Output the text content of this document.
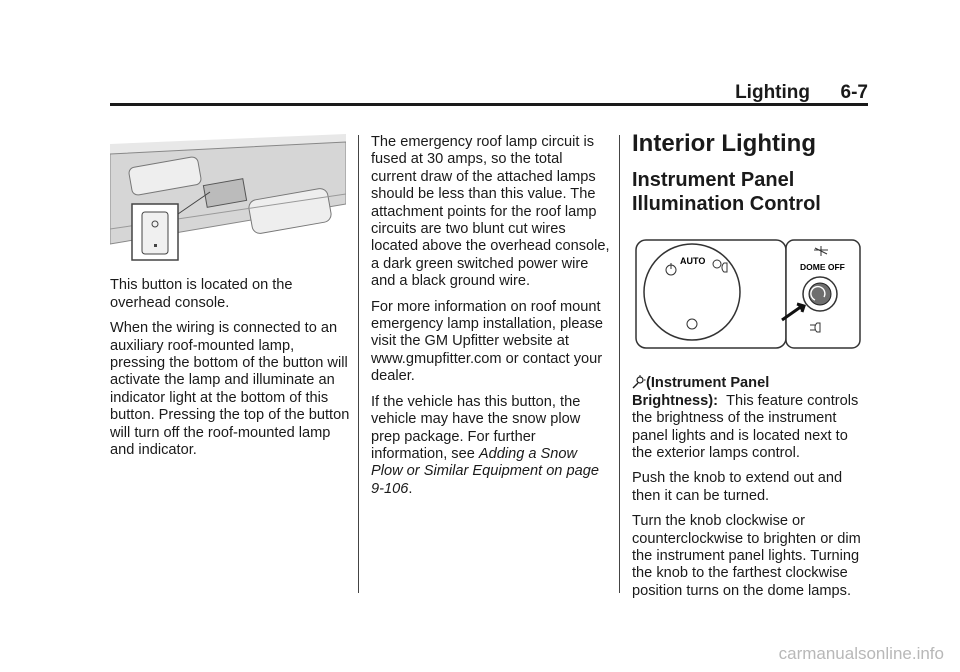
Lighting 6-7

This button is located on the overhead console.

When the wiring is connected to an auxiliary roof-mounted lamp, pressing the bottom of the button will activate the lamp and illuminate an indicator light at the bottom of this button. Pressing the top of the button will turn off the roof-mounted lamp and indicator.

The emergency roof lamp circuit is fused at 30 amps, so the total current draw of the attached lamps should be less than this value. The attachment points for the roof lamp circuits are two blunt cut wires located above the overhead console, a dark green switched power wire and a black ground wire.

For more information on roof mount emergency lamp installation, please visit the GM Upfitter website at www.gmupfitter.com or contact your dealer.

If the vehicle has this button, the vehicle may have the snow plow prep package. For further information, see Adding a Snow Plow or Similar Equipment on page 9-106.

Interior Lighting
Instrument Panel Illumination Control
AUTO
DOME OFF

(Instrument Panel Brightness): This feature controls the brightness of the instrument panel lights and is located next to the exterior lamps control.

Push the knob to extend out and then it can be turned.

Turn the knob clockwise or counterclockwise to brighten or dim the instrument panel lights. Turning the knob to the farthest clockwise position turns on the dome lamps.

carmanualsonline.info
